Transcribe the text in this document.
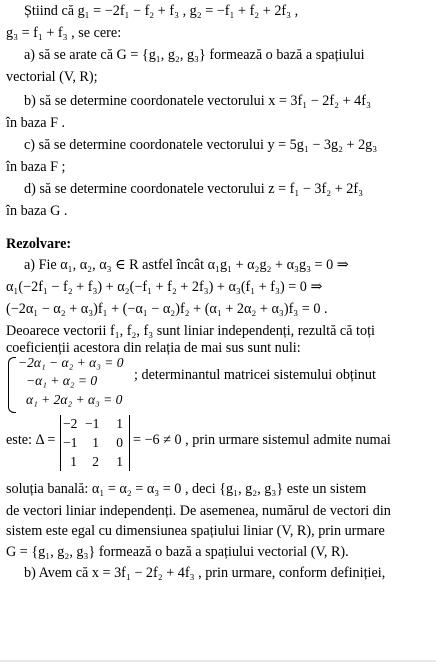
Știind că g₁ = −2f₁ − f₂ + f₃ , g₂ = −f₁ + f₂ + 2f₃ ,
g₃ = f₁ + f₃ , se cere:
a) să se arate că G = {g₁, g₂, g₃} formează o bază a spațiului
vectorial (V, R);
b) să se determine coordonatele vectorului x = 3f₁ − 2f₂ + 4f₃
în baza F .
c) să se determine coordonatele vectorului y = 5g₁ − 3g₂ + 2g₃
în baza F ;
d) să se determine coordonatele vectorului z = f₁ − 3f₂ + 2f₃
în baza G .
Rezolvare:
a) Fie α₁, α₂, α₃ ∈ R astfel încât α₁g₁ + α₂g₂ + α₃g₃ = 0 ⇒
α₁(−2f₁ − f₂ + f₃) + α₂(−f₁ + f₂ + 2f₃) + α₃(f₁ + f₃) = 0 ⇒
(−2α₁ − α₂ + α₃)f₁ + (−α₁ − α₂)f₂ + (α₁ + 2α₂ + α₃)f₃ = 0 .
Deoarece vectorii f₁, f₂, f₃ sunt liniar independenți, rezultă că toți
coeficienții acestora din relația de mai sus sunt nuli:
−2α₁ − α₂ + α₃ = 0
−α₁ + α₂ = 0
α₁ + 2α₂ + α₃ = 0
; determinantul matricei sistemului obținut
este: Δ =
−2 −1	1
−1	1	0
1	2	1
= −6 ≠ 0 , prin urmare sistemul admite numai
soluția banală: α₁ = α₂ = α₃ = 0 , deci {g₁, g₂, g₃} este un sistem
de vectori liniar independenți. De asemenea, numărul de vectori din
sistem este egal cu dimensiunea spațiului liniar (V, R), prin urmare
G = {g₁, g₂, g₃} formează o bază a spațiului vectorial (V, R).
b) Avem că x = 3f₁ − 2f₂ + 4f₃ , prin urmare, conform definiției,
